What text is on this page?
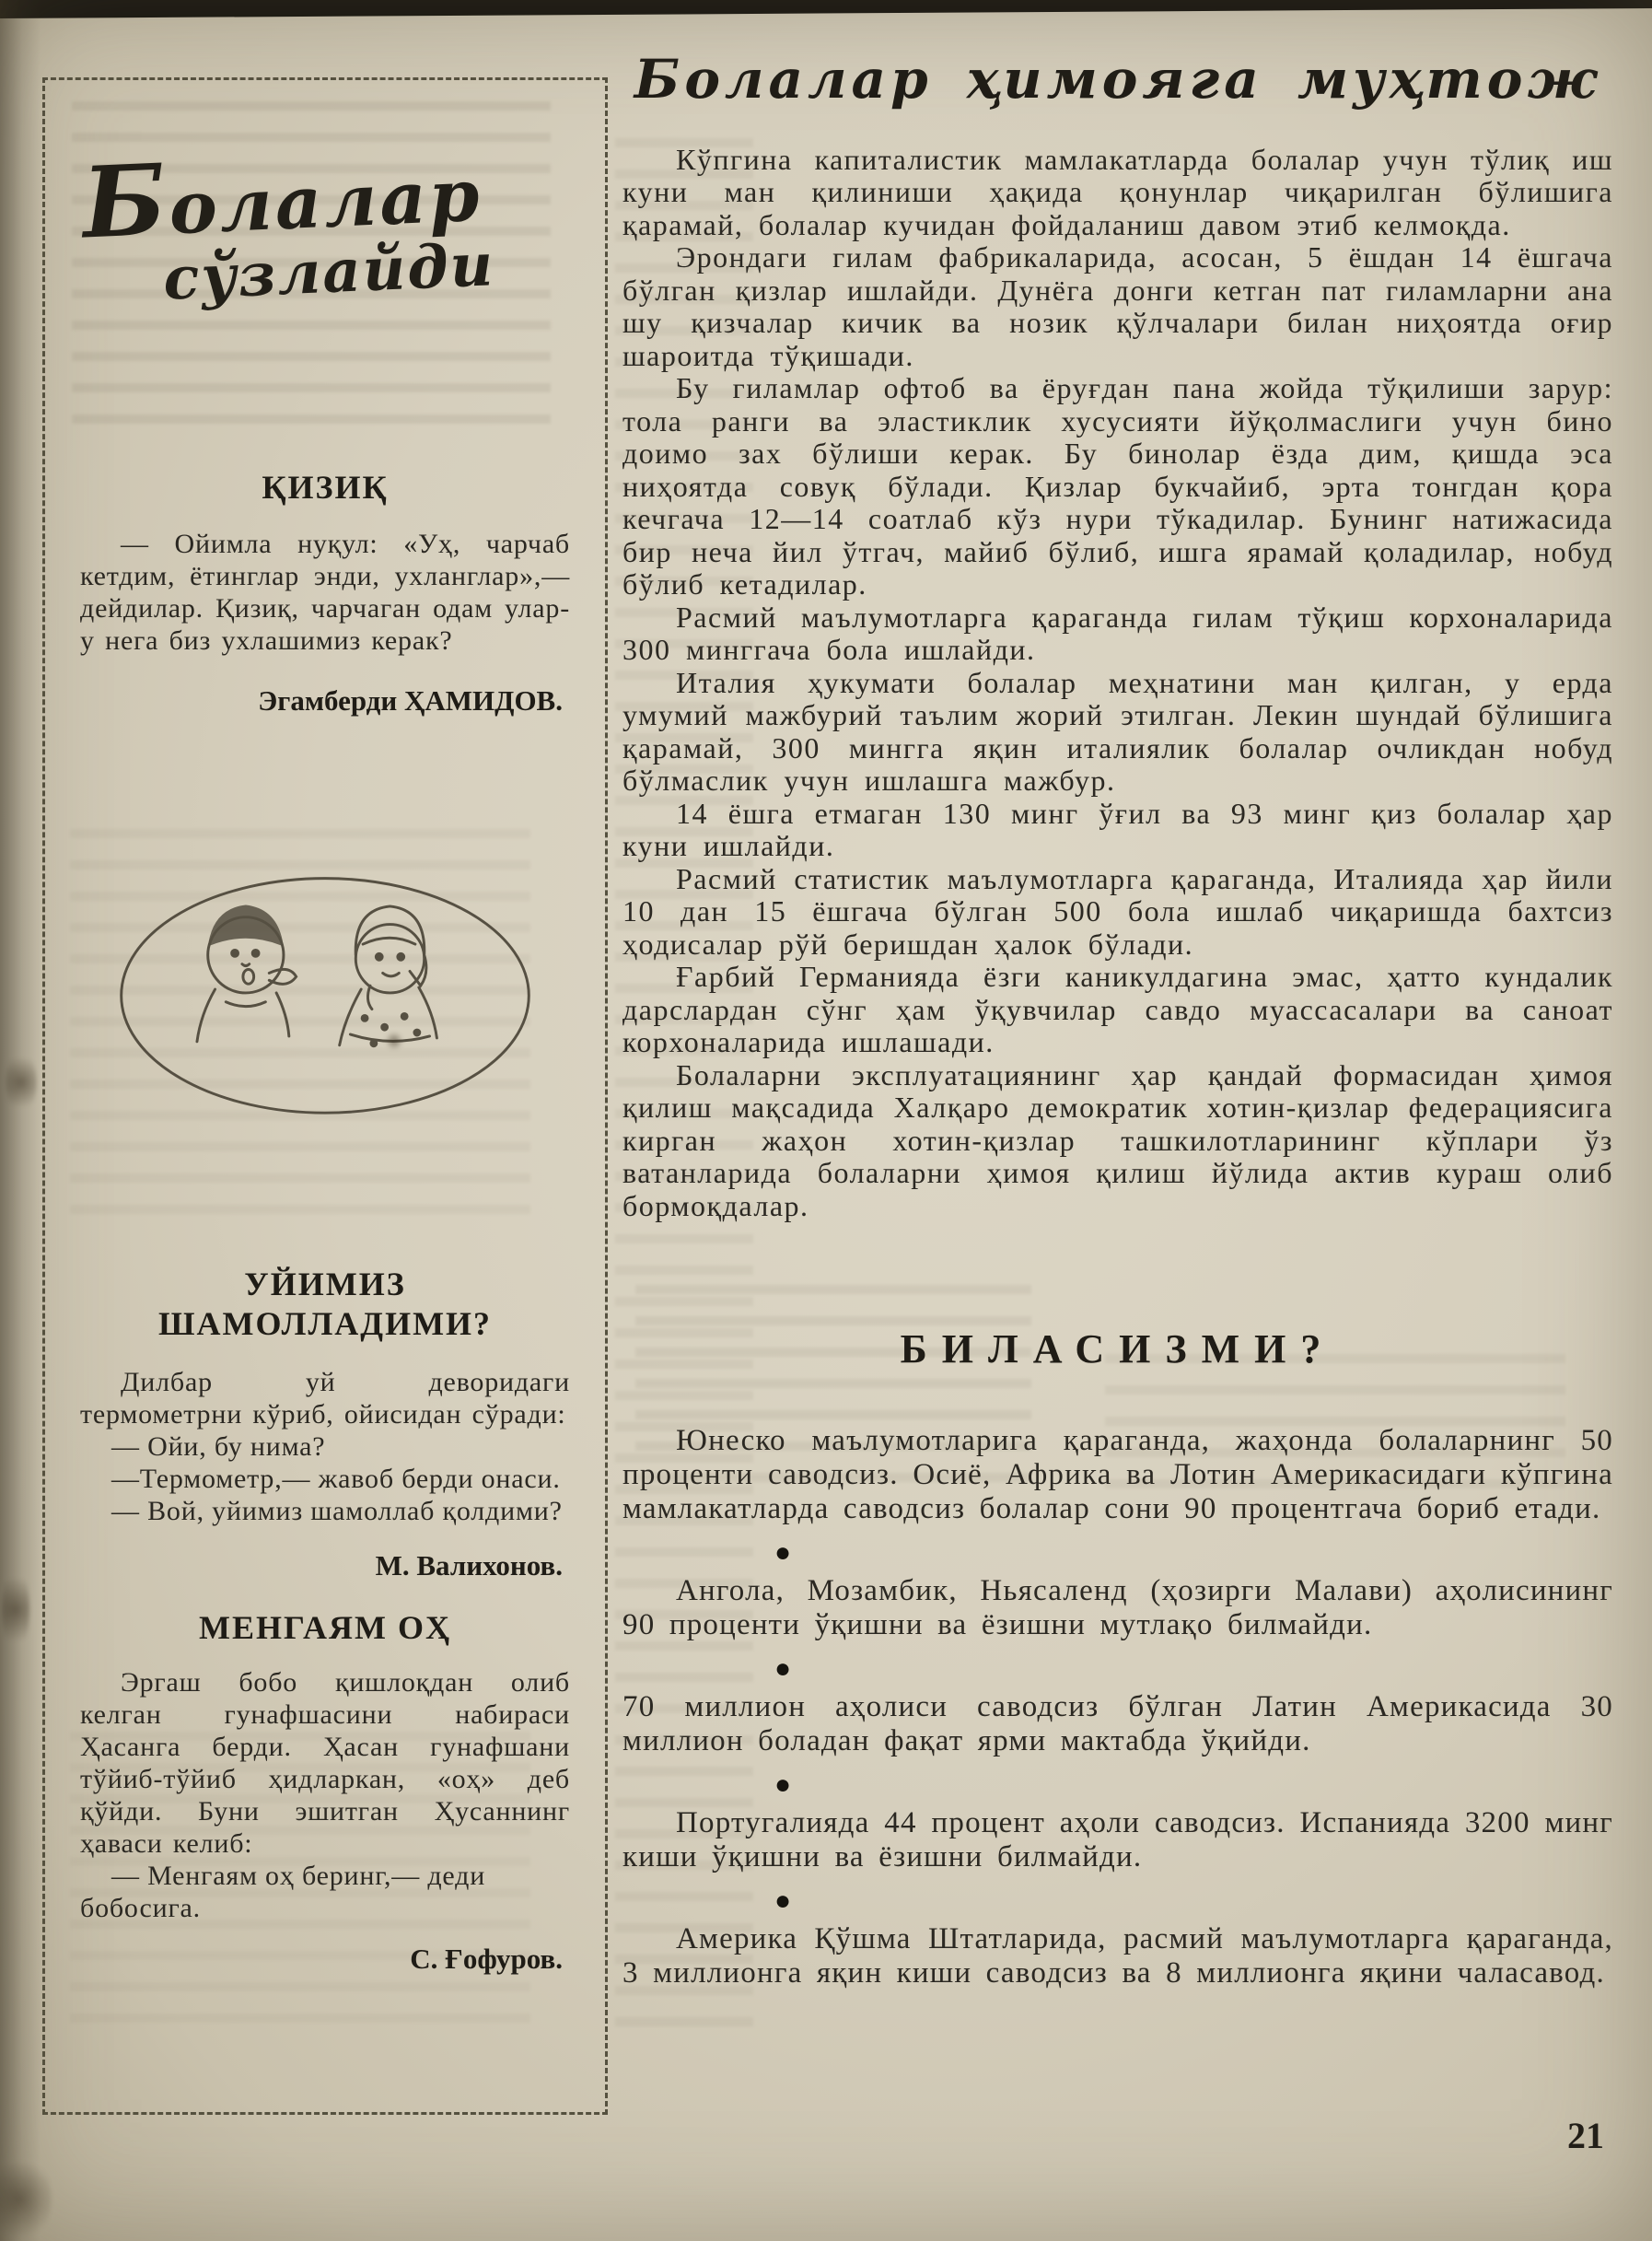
Болалар
сўзлайди
ҚИЗИҚ

— Ойимла нуқул: «Уҳ, чарчаб кетдим, ётинглар энди, ухланглар»,—дейдилар. Қизиқ, чарчаган одам улар-у нега биз ухлашимиз керак?

Эгамберди ҲАМИДОВ.
УЙИМИЗ
ШАМОЛЛАДИМИ?

Дилбар уй деворидаги термометрни кўриб, ойисидан сўради:

— Ойи, бу нима?

—Термометр,— жавоб берди онаси.

— Вой, уйимиз шамоллаб қолдими?

М. Валихонов.
МЕНГАЯМ ОҲ

Эргаш бобо қишлоқдан олиб келган гунафшасини набираси Ҳасанга берди. Ҳасан гунафшани тўйиб-тўйиб ҳидларкан, «оҳ» деб қўйди. Буни эшитган Ҳусаннинг ҳаваси келиб:

— Менгаям оҳ беринг,— деди бобосига.

С. Ғофуров.
Болалар ҳимояга муҳтож

Кўпгина капиталистик мамлакатларда болалар учун тўлиқ иш куни ман қилиниши ҳақида қонунлар чиқарилган бўлишига қарамай, болалар кучидан фойдаланиш давом этиб келмоқда.

Эрондаги гилам фабрикаларида, асосан, 5 ёшдан 14 ёшгача бўлган қизлар ишлайди. Дунёга донги кетган пат гиламларни ана шу қизчалар кичик ва нозик қўлчалари билан ниҳоятда оғир шароитда тўқишади.

Бу гиламлар офтоб ва ёруғдан пана жойда тўқилиши зарур: тола ранги ва эластиклик хусусияти йўқолмаслиги учун бино доимо зах бўлиши керак. Бу бинолар ёзда дим, қишда эса ниҳоятда совуқ бўлади. Қизлар букчайиб, эрта тонгдан қора кечгача 12—14 соатлаб кўз нури тўкадилар. Бунинг натижасида бир неча йил ўтгач, майиб бўлиб, ишга ярамай қоладилар, нобуд бўлиб кетадилар.

Расмий маълумотларга қараганда гилам тўқиш корхоналарида 300 минггача бола ишлайди.

Италия ҳукумати болалар меҳнатини ман қилган, у ерда умумий мажбурий таълим жорий этилган. Лекин шундай бўлишига қарамай, 300 мингга яқин италиялик болалар очликдан нобуд бўлмаслик учун ишлашга мажбур.

14 ёшга етмаган 130 минг ўғил ва 93 минг қиз болалар ҳар куни ишлайди.

Расмий статистик маълумотларга қараганда, Италияда ҳар йили 10 дан 15 ёшгача бўлган 500 бола ишлаб чиқаришда бахтсиз ҳодисалар рўй беришдан ҳалок бўлади.

Ғарбий Германияда ёзги каникулдагина эмас, ҳатто кундалик дарслардан сўнг ҳам ўқувчилар савдо муассасалари ва саноат корхоналарида ишлашади.

Болаларни эксплуатациянинг ҳар қандай формасидан ҳимоя қилиш мақсадида Халқаро демократик хотин-қизлар федерациясига кирган жаҳон хотин-қизлар ташкилотларининг кўплари ўз ватанларида болаларни ҳимоя қилиш йўлида актив кураш олиб бормоқдалар.

БИЛАСИЗМИ?

Юнеско маълумотларига қараганда, жаҳонда болаларнинг 50 проценти саводсиз. Осиё, Африка ва Лотин Америкасидаги кўпгина мамлакатларда саводсиз болалар сони 90 процентгача бориб етади.

●

Ангола, Мозамбик, Ньясаленд (ҳозирги Малави) аҳолисининг 90 проценти ўқишни ва ёзишни мутлақо билмайди.

●

70 миллион аҳолиси саводсиз бўлган Латин Америкасида 30 миллион боладан фақат ярми мактабда ўқийди.

●

Португалияда 44 процент аҳоли саводсиз. Испанияда 3200 минг киши ўқишни ва ёзишни билмайди.

●

Америка Қўшма Штатларида, расмий маълумотларга қараганда, 3 миллионга яқин киши саводсиз ва 8 миллионга яқини чаласавод.

21
